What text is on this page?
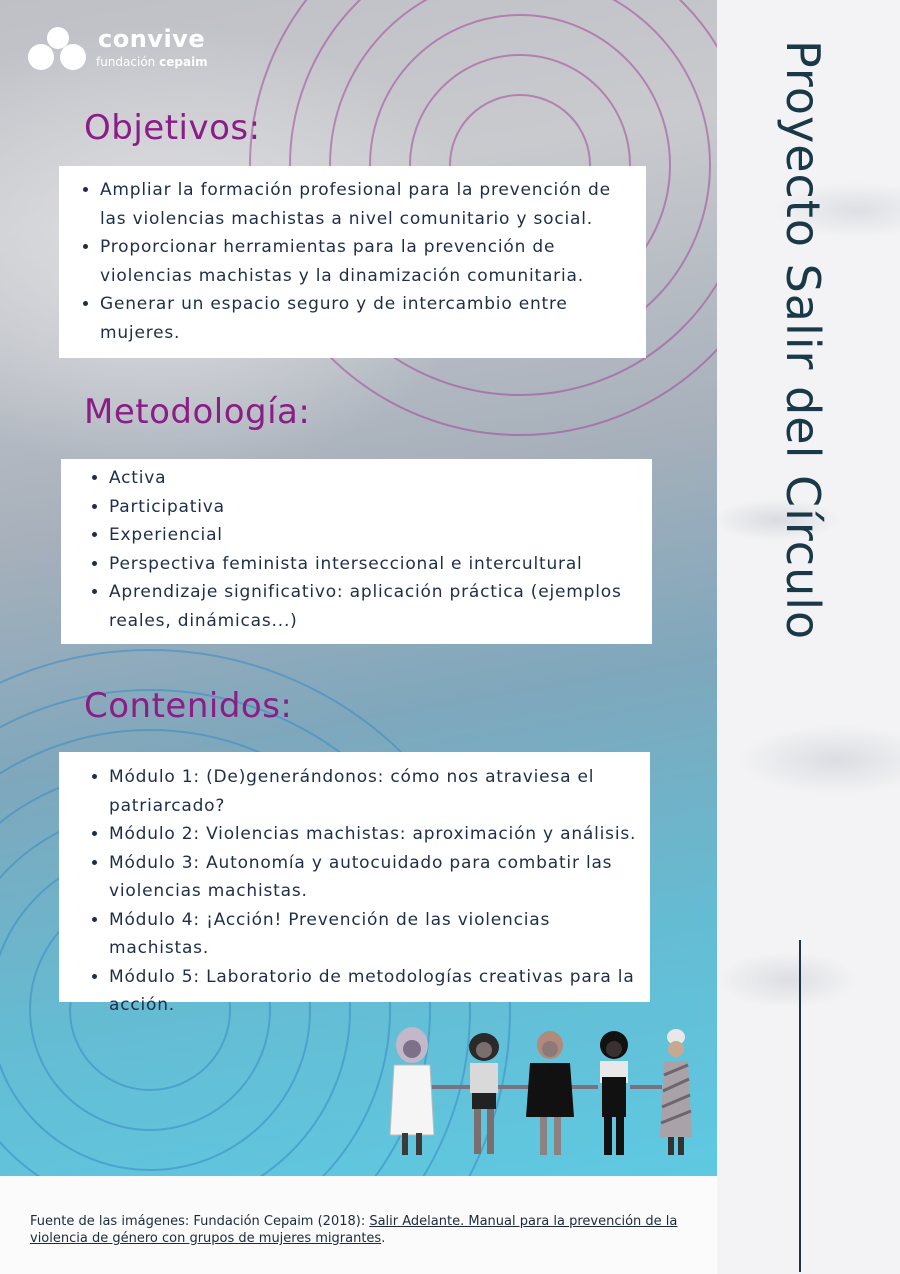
convive
fundación cepaim
Objetivos:
• Ampliar la formación profesional para la prevención de las violencias machistas a nivel comunitario y social.
• Proporcionar herramientas para la prevención de violencias machistas y la dinamización comunitaria.
• Generar un espacio seguro y de intercambio entre mujeres.
Metodología:
• Activa
• Participativa
• Experiencial
• Perspectiva feminista interseccional e intercultural
• Aprendizaje significativo: aplicación práctica (ejemplos reales, dinámicas...)
Contenidos:
• Módulo 1: (De)generándonos: cómo nos atraviesa el patriarcado?
• Módulo 2: Violencias machistas: aproximación y análisis.
• Módulo 3: Autonomía y autocuidado para combatir las violencias machistas.
• Módulo 4: ¡Acción! Prevención de las violencias machistas.
• Módulo 5: Laboratorio de metodologías creativas para la acción.
Proyecto Salir del Círculo
Fuente de las imágenes: Fundación Cepaim (2018): Salir Adelante. Manual para la prevención de la violencia de género con grupos de mujeres migrantes.
